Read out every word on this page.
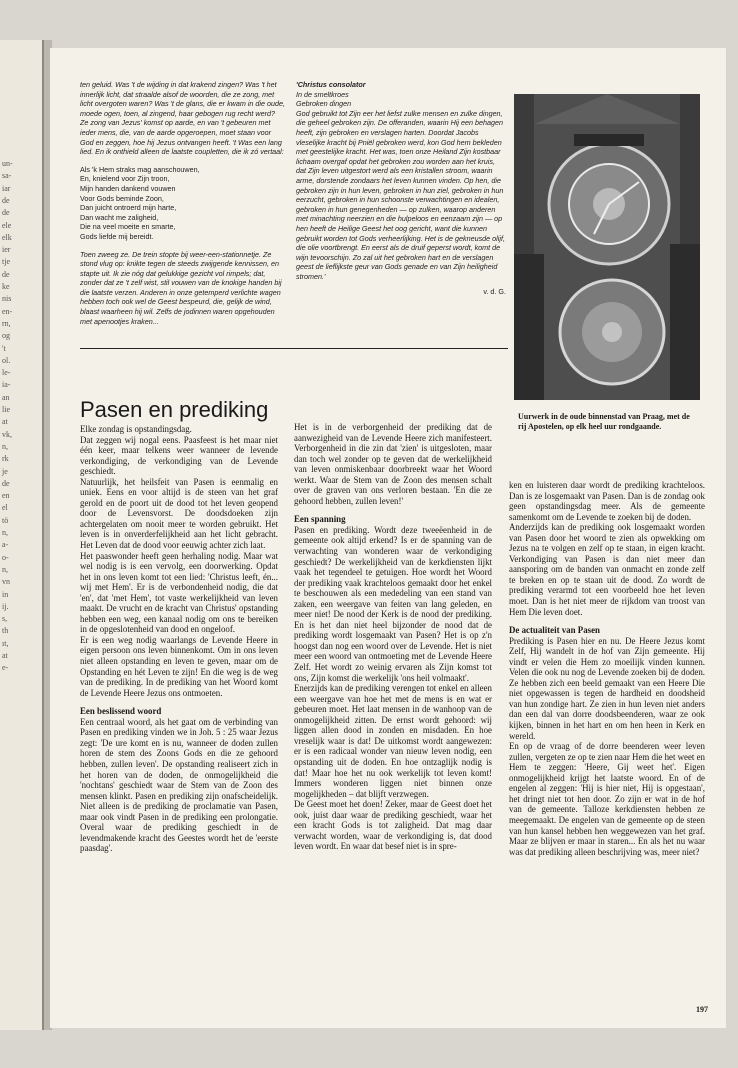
un-
sa-
iar
de
de
ele
elk
ier
tje
de
ke
nis
en-
rn,
og
't
ol.
le-
ia-
an
lie
at
vk,
n,
rk
je
de
en
el
tö
n,
a-
o-
n,
vn
in
ij.
s,
th
ıt,
at
e-

ten geluid. Was 't de wijding in dat krakend zingen? Was 't het innerlijk licht, dat straalde alsof de woorden, die ze zong, met licht overgoten waren? Was 't de glans, die er kwam in die oude, moede ogen, toen, al zingend, haar gebogen rug recht werd? Ze zong van Jezus' komst op aarde, en van 't gebeuren met ieder mens, die, van de aarde opgeroepen, moet staan voor God en zeggen, hoe hij Jezus ontvangen heeft. 't Was een lang lied. En ik onthield alleen de laatste coupletten, die ik zó vertaal:

Als 'k Hem straks mag aanschouwen,
En, knielend voor Zijn troon,
Mijn handen dankend vouwen
Voor Gods beminde Zoon,
Dan juicht ontroerd mijn harte,
Dan wacht me zaligheid,
Die na veel moeite en smarte,
Gods liefde mij bereidt.

Toen zweeg ze. De trein stopte bij weer-een-stationnetje. Ze stond vlug op: knikte tegen de steeds zwijgende kennissen, en stapte uit. Ik zie nóg dat gelukkige gezicht vol rimpels; dat, zonder dat ze 't zelf wist, stil vouwen van de knokige handen bij die laatste verzen. Anderen in onze getemperd verlichte wagen hebben toch ook wel de Geest bespeurd, die, gelijk de wind, blaast waarheen hij wil. Zelfs de jodinnen waren opgehouden met apenootjes kraken...

'Christus consolator
In de smeltkroes
Gebroken dingen

God gebruikt tot Zijn eer het liefst zulke mensen en zulke dingen, die geheel gebroken zijn. De offeranden, waarin Hij een behagen heeft, zijn gebroken en verslagen harten. Doordat Jacobs vleselijke kracht bij Pniël gebroken werd, kon God hem bekleden met geestelijke kracht. Het was, toen onze Heiland Zijn kostbaar lichaam overgaf opdat het gebroken zou worden aan het kruis, dat Zijn leven uitgestort werd als een kristallen stroom, waarin arme, dorstende zondaars het leven kunnen vinden. Op hen, die gebroken zijn in hun leven, gebroken in hun ziel, gebroken in hun eerzucht, gebroken in hun schoonste verwachtingen en idealen, gebroken in hun genegenheden — op zulken, waarop anderen met minachting neerzien en die hulpeloos en eenzaam zijn — op hen heeft de Heilige Geest het oog gericht, want die kunnen gebruikt worden tot Gods verheerlijking. Het is de gekneusde olijf, die olie voortbrengt. En eerst als de druif geperst wordt, komt de wijn tevoorschijn. Zo zal uit het gebroken hart en de verslagen geest de lieflijkste geur van Gods genade en van Zijn heiligheid stromen.'

v. d. G.
Uurwerk in de oude binnenstad van Praag, met de rij Apostelen, op elk heel uur rondgaande.
Pasen en prediking

Elke zondag is opstandingsdag.

Dat zeggen wij nogal eens. Paasfeest is het maar niet één keer, maar telkens weer wanneer de levende verkondiging, de verkondiging van de Levende geschiedt.

Natuurlijk, het heilsfeit van Pasen is eenmalig en uniek. Eens en voor altijd is de steen van het graf gerold en de poort uit de dood tot het leven geopend door de Levensvorst. De doodsdoeken zijn achtergelaten om nooit meer te worden gebruikt. Het leven is in onverderfelijkheid aan het licht gebracht. Het Leven dat de dood voor eeuwig achter zich laat.

Het paaswonder heeft geen herhaling nodig. Maar wat wel nodig is is een vervolg, een doorwerking. Opdat het in ons leven komt tot een lied: 'Christus leeft, én... wij met Hem'. Er is de verbondenheid nodig, die dat 'en', dat 'met Hem', tot vaste werkelijkheid van leven maakt. De vrucht en de kracht van Christus' opstanding hebben een weg, een kanaal nodig om ons te bereiken in de opgeslotenheid van dood en ongeloof.

Er is een weg nodig waarlangs de Levende Heere in eigen persoon ons leven binnenkomt. Om in ons leven niet alleen opstanding en leven te geven, maar om de Opstanding en hét Leven te zijn! En die weg is de weg van de prediking. In de prediking van het Woord komt de Levende Heere Jezus ons ontmoeten.

Een beslissend woord

Een centraal woord, als het gaat om de verbinding van Pasen en prediking vinden we in Joh. 5 : 25 waar Jezus zegt: 'De ure komt en is nu, wanneer de doden zullen horen de stem des Zoons Gods en die ze gehoord hebben, zullen leven'. De opstanding realiseert zich in het horen van de doden, de onmogelijkheid die 'nochtans' geschiedt waar de Stem van de Zoon des mensen klinkt. Pasen en prediking zijn onafscheidelijk. Niet alleen is de prediking de proclamatie van Pasen, maar ook vindt Pasen in de prediking een prolongatie. Overal waar de prediking geschiedt in de levendmakende kracht des Geestes wordt het de 'eerste paasdag'.

Het is in de verborgenheid der prediking dat de aanwezigheid van de Levende Heere zich manifesteert. Verborgenheid in die zin dat 'zien' is uitgesloten, maar dan toch wel zonder op te geven dat de werkelijkheid van leven onmiskenbaar doorbreekt waar het Woord werkt. Waar de Stem van de Zoon des mensen schalt over de graven van ons verloren bestaan. 'En die ze gehoord hebben, zullen leven!'

Een spanning

Pasen en prediking. Wordt deze tweeëenheid in de gemeente ook altijd erkend? Is er de spanning van de verwachting van wonderen waar de verkondiging geschiedt? De werkelijkheid van de kerkdiensten lijkt vaak het tegendeel te getuigen. Hoe wordt het Woord der prediking vaak krachteloos gemaakt door het enkel te beschouwen als een mededeling van een stand van zaken, een weergave van feiten van lang geleden, en meer niet! De nood der Kerk is de nood der prediking. En is het dan niet heel bijzonder de nood dat de prediking wordt losgemaakt van Pasen? Het is op z'n hoogst dan nog een woord over de Levende. Het is niet meer een woord van ontmoeting met de Levende Heere Zelf. Het wordt zo weinig ervaren als Zijn komst tot ons, Zijn komst die werkelijk 'ons heil volmaakt'.

Enerzijds kan de prediking verengen tot enkel en alleen een weergave van hoe het met de mens is en wat er gebeuren moet. Het laat mensen in de wanhoop van de onmogelijkheid zitten. De ernst wordt gehoord: wij liggen allen dood in zonden en misdaden. En hoe vreselijk waar is dat! De uitkomst wordt aangewezen: er is een radicaal wonder van nieuw leven nodig, een opstanding uit de doden. En hoe ontzaglijk nodig is dat! Maar hoe het nu ook werkelijk tot leven komt! Immers wonderen liggen niet binnen onze mogelijkheden – dat blijft verzwegen.

De Geest moet het doen! Zeker, maar de Geest doet het ook, juist daar waar de prediking geschiedt, waar het een kracht Gods is tot zaligheid. Dat mag daar verwacht worden, waar de verkondiging is, dat dood leven wordt. En waar dat besef niet is in spre-

ken en luisteren daar wordt de prediking krachteloos. Dan is ze losgemaakt van Pasen. Dan is de zondag ook geen opstandingsdag meer. Als de gemeente samenkomt om de Levende te zoeken bij de doden.

Anderzijds kan de prediking ook losgemaakt worden van Pasen door het woord te zien als opwekking om Jezus na te volgen en zelf op te staan, in eigen kracht. Verkondiging van Pasen is dan niet meer dan aansporing om de banden van onmacht en zonde zelf te breken en op te staan uit de dood. Zo wordt de prediking verarmd tot een voorbeeld hoe het leven moet. Dan is het niet meer de rijkdom van troost van Hem Die leven doet.

De actualiteit van Pasen

Prediking is Pasen hier en nu. De Heere Jezus komt Zelf, Hij wandelt in de hof van Zijn gemeente. Hij vindt er velen die Hem zo moeilijk vinden kunnen. Velen die ook nu nog de Levende zoeken bij de doden. Ze hebben zich een beeld gemaakt van een Heere Die niet opgewassen is tegen de hardheid en doodsheid van hun zondige hart. Ze zien in hun leven niet anders dan een dal van dorre doodsbeenderen, waar ze ook kijken, binnen in het hart en om hen heen in Kerk en wereld.

En op de vraag of de dorre beenderen weer leven zullen, vergeten ze op te zien naar Hem die het weet en Hem te zeggen: 'Heere, Gij weet het'. Eigen onmogelijkheid krijgt het laatste woord. En of de engelen al zeggen: 'Hij is hier niet, Hij is opgestaan', het dringt niet tot hen door. Zo zijn er wat in de hof van de gemeente. Talloze kerkdiensten hebben ze meegemaakt. De engelen van de gemeente op de steen van hun kansel hebben hen weggewezen van het graf. Maar ze blijven er maar in staren... En als het nu waar was dat prediking alleen beschrijving was, meer niet?

197
